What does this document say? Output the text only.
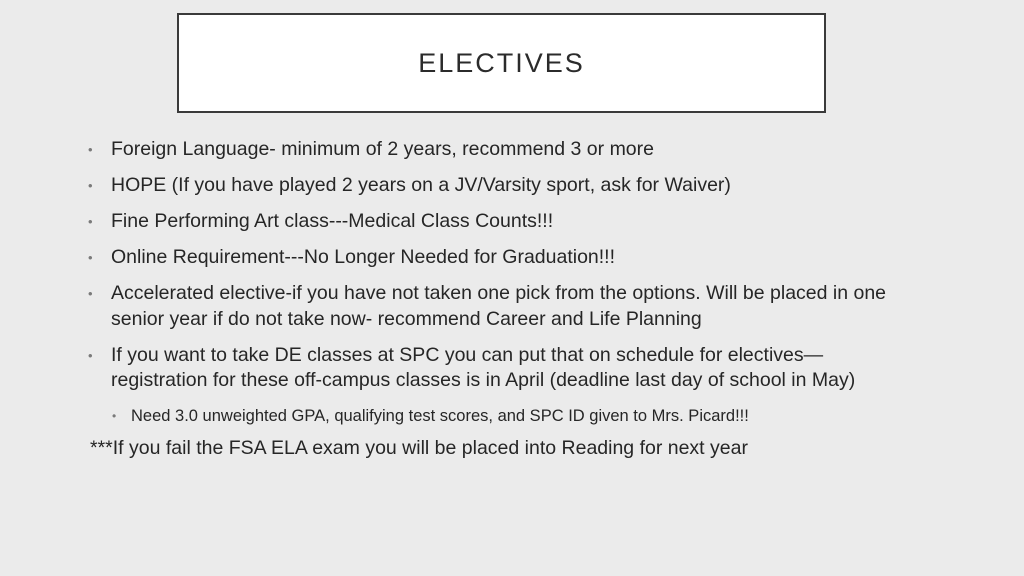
ELECTIVES
• Foreign Language- minimum of 2 years, recommend 3 or more
• HOPE (If you have played 2 years on a JV/Varsity sport, ask for Waiver)
• Fine Performing Art class---Medical Class Counts!!!
• Online Requirement---No Longer Needed for Graduation!!!
• Accelerated elective-if you have not taken one pick from the options. Will be placed in one senior year if do not take now- recommend Career and Life Planning
• If you want to take DE classes at SPC you can put that on schedule for electives—registration for these off-campus classes is in April (deadline last day of school in May)
• Need 3.0 unweighted GPA, qualifying test scores, and SPC ID given to Mrs. Picard!!!
***If you fail the FSA ELA exam you will be placed into Reading for next year
